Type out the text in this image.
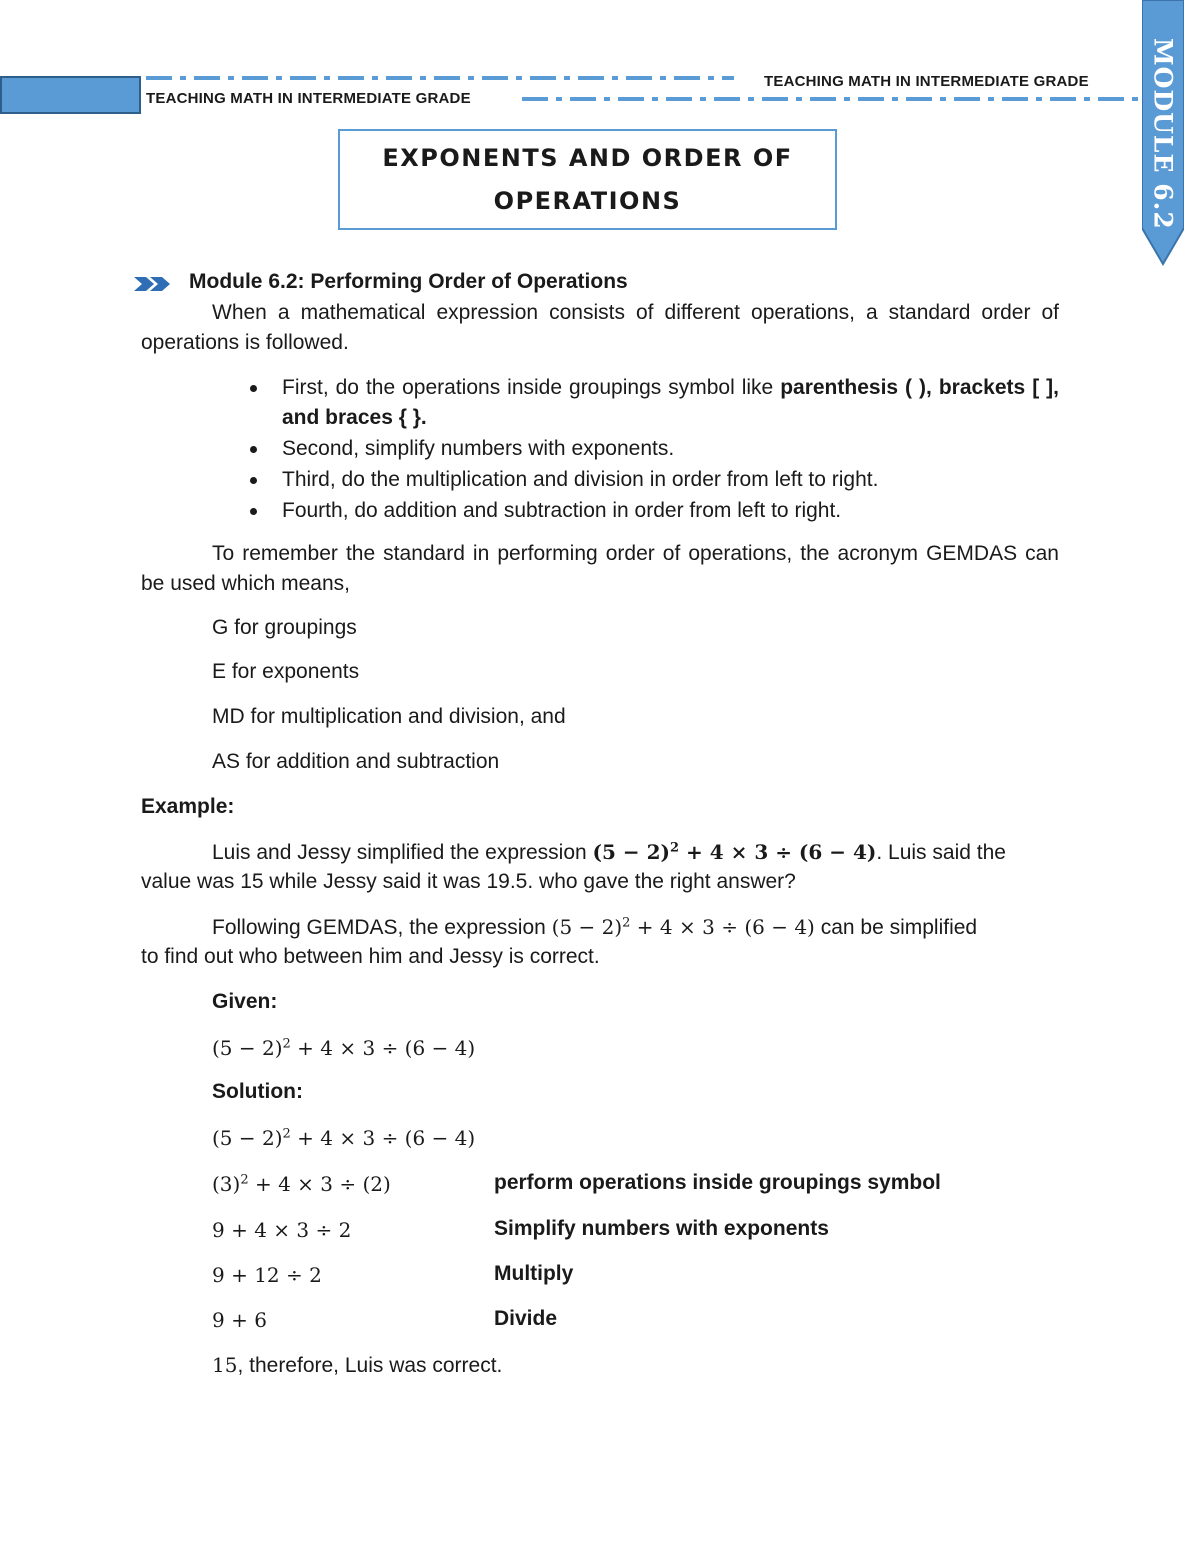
TEACHING MATH IN INTERMEDIATE GRADE
TEACHING MATH IN INTERMEDIATE GRADE MODULE 6.2
EXPONENTS AND ORDER OF
OPERATIONS
Module 6.2: Performing Order of Operations
When a mathematical expression consists of different operations, a standard order of operations is followed.
First, do the operations inside groupings symbol like parenthesis ( ), brackets [ ], and braces { }.
Second, simplify numbers with exponents.
Third, do the multiplication and division in order from left to right.
Fourth, do addition and subtraction in order from left to right.
To remember the standard in performing order of operations, the acronym GEMDAS can be used which means,
G for groupings
E for exponents
MD for multiplication and division, and
AS for addition and subtraction
Example:
Luis and Jessy simplified the expression $(5 - 2)^2 + 4 \times 3 \div (6 - 4)$. Luis said the
value was 15 while Jessy said it was 19.5. who gave the right answer?
Following GEMDAS, the expression $(5 - 2)^2 + 4 \times 3 \div (6 - 4)$ can be simplified
to find out who between him and Jessy is correct.
Given:
$(5 - 2)^2 + 4 \times 3 \div (6 - 4)$
Solution:
$(5 - 2)^2 + 4 \times 3 \div (6 - 4)$
$(3)^2 + 4 \times 3 \div (2)$	perform operations inside groupings symbol
9 + 4 × 3 ÷ 2	Simplify numbers with exponents
9 + 12 ÷ 2	Multiply
9 + 6	Divide
15, therefore, Luis was correct.
